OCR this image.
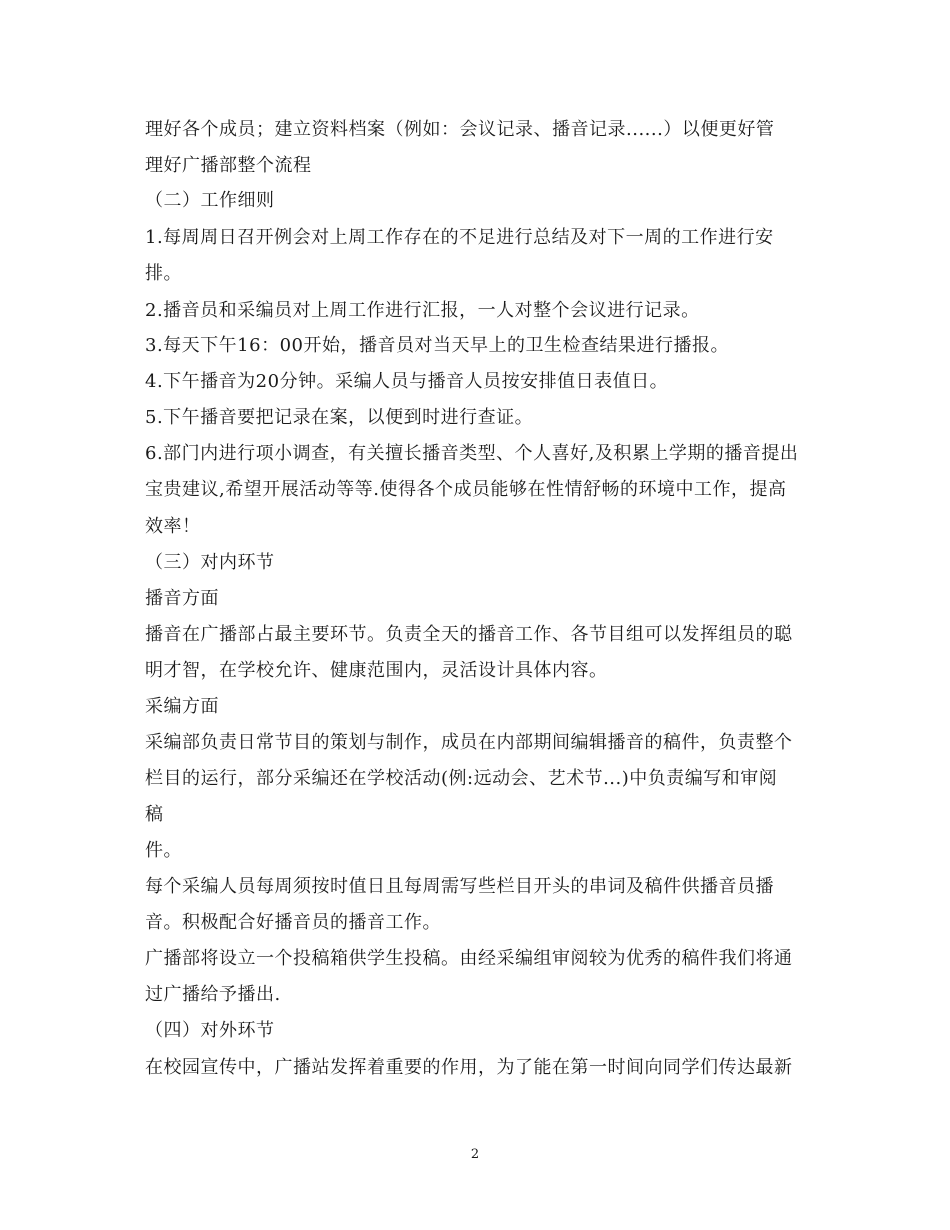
理好各个成员；建立资料档案（例如：会议记录、播音记录......）以便更好管
理好广播部整个流程
（二）工作细则
1.每周周日召开例会对上周工作存在的不足进行总结及对下一周的工作进行安
排。
2.播音员和采编员对上周工作进行汇报，一人对整个会议进行记录。
3.每天下午16：00开始，播音员对当天早上的卫生检查结果进行播报。
4.下午播音为20分钟。采编人员与播音人员按安排值日表值日。
5.下午播音要把记录在案，以便到时进行查证。
6.部门内进行项小调查，有关擅长播音类型、个人喜好,及积累上学期的播音提出
宝贵建议,希望开展活动等等.使得各个成员能够在性情舒畅的环境中工作，提高
效率！
（三）对内环节
播音方面
播音在广播部占最主要环节。负责全天的播音工作、各节目组可以发挥组员的聪
明才智，在学校允许、健康范围内，灵活设计具体内容。
采编方面
采编部负责日常节目的策划与制作，成员在内部期间编辑播音的稿件，负责整个
栏目的运行，部分采编还在学校活动(例:远动会、艺术节...)中负责编写和审阅
稿
件。
每个采编人员每周须按时值日且每周需写些栏目开头的串词及稿件供播音员播
音。积极配合好播音员的播音工作。
广播部将设立一个投稿箱供学生投稿。由经采编组审阅较为优秀的稿件我们将通
过广播给予播出.
（四）对外环节
在校园宣传中，广播站发挥着重要的作用，为了能在第一时间向同学们传达最新
2
